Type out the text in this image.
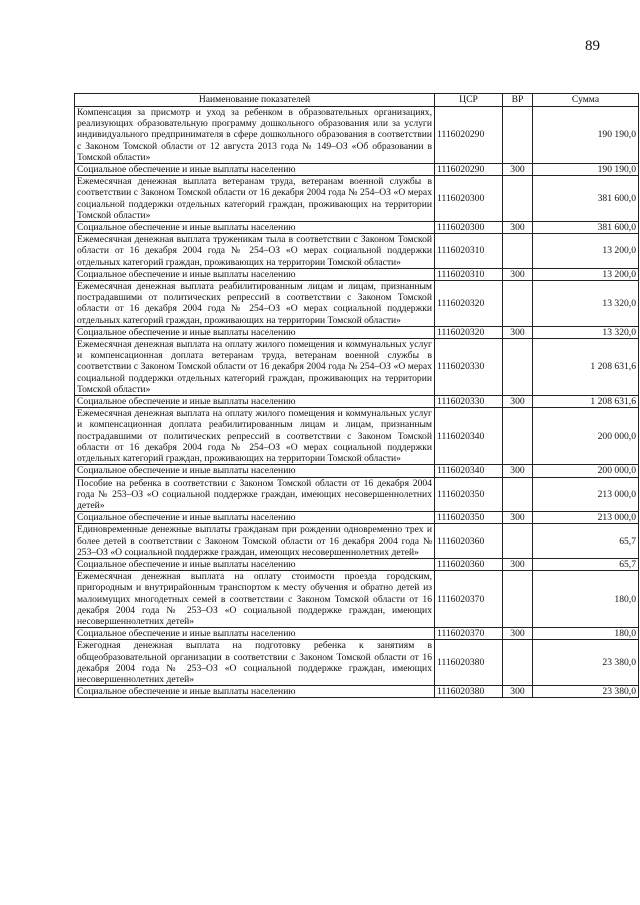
89
Наименование показателей	ЦСР	ВР	Сумма
Компенсация за присмотр и уход за ребенком в образовательных организациях, реализующих образовательную программу дошкольного образования или за услуги индивидуального предпринимателя в сфере дошкольного образования в соответствии с Законом Томской области от 12 августа 2013 года № 149–ОЗ «Об образовании в Томской области»	1116020290		190 190,0
Социальное обеспечение и иные выплаты населению	1116020290	300	190 190,0
Ежемесячная денежная выплата ветеранам труда, ветеранам военной службы в соответствии с Законом Томской области от 16 декабря 2004 года № 254–ОЗ «О мерах социальной поддержки отдельных категорий граждан, проживающих на территории Томской области»	1116020300		381 600,0
Социальное обеспечение и иные выплаты населению	1116020300	300	381 600,0
Ежемесячная денежная выплата труженикам тыла в соответствии с Законом Томской области от 16 декабря 2004 года № 254–ОЗ «О мерах социальной поддержки отдельных категорий граждан, проживающих на территории Томской области»	1116020310		13 200,0
Социальное обеспечение и иные выплаты населению	1116020310	300	13 200,0
Ежемесячная денежная выплата реабилитированным лицам и лицам, признанным пострадавшими от политических репрессий в соответствии с Законом Томской области от 16 декабря 2004 года № 254–ОЗ «О мерах социальной поддержки отдельных категорий граждан, проживающих на территории Томской области»	1116020320		13 320,0
Социальное обеспечение и иные выплаты населению	1116020320	300	13 320,0
Ежемесячная денежная выплата на оплату жилого помещения и коммунальных услуг и компенсационная доплата ветеранам труда, ветеранам военной службы в соответствии с Законом Томской области от 16 декабря 2004 года № 254–ОЗ «О мерах социальной поддержки отдельных категорий граждан, проживающих на территории Томской области»	1116020330		1 208 631,6
Социальное обеспечение и иные выплаты населению	1116020330	300	1 208 631,6
Ежемесячная денежная выплата на оплату жилого помещения и коммунальных услуг и компенсационная доплата реабилитированным лицам и лицам, признанным пострадавшими от политических репрессий в соответствии с Законом Томской области от 16 декабря 2004 года № 254–ОЗ «О мерах социальной поддержки отдельных категорий граждан, проживающих на территории Томской области»	1116020340		200 000,0
Социальное обеспечение и иные выплаты населению	1116020340	300	200 000,0
Пособие на ребенка в соответствии с Законом Томской области от 16 декабря 2004 года № 253–ОЗ «О социальной поддержке граждан, имеющих несовершеннолетних детей»	1116020350		213 000,0
Социальное обеспечение и иные выплаты населению	1116020350	300	213 000,0
Единовременные денежные выплаты гражданам при рождении одновременно трех и более детей в соответствии с Законом Томской области от 16 декабря 2004 года № 253–ОЗ «О социальной поддержке граждан, имеющих несовершеннолетних детей»	1116020360		65,7
Социальное обеспечение и иные выплаты населению	1116020360	300	65,7
Ежемесячная денежная выплата на оплату стоимости проезда городским, пригородным и внутрирайонным транспортом к месту обучения и обратно детей из малоимущих многодетных семей в соответствии с Законом Томской области от 16 декабря 2004 года № 253–ОЗ «О социальной поддержке граждан, имеющих несовершеннолетних детей»	1116020370		180,0
Социальное обеспечение и иные выплаты населению	1116020370	300	180,0
Ежегодная денежная выплата на подготовку ребенка к занятиям в общеобразовательной организации в соответствии с Законом Томской области от 16 декабря 2004 года № 253–ОЗ «О социальной поддержке граждан, имеющих несовершеннолетних детей»	1116020380		23 380,0
Социальное обеспечение и иные выплаты населению	1116020380	300	23 380,0
